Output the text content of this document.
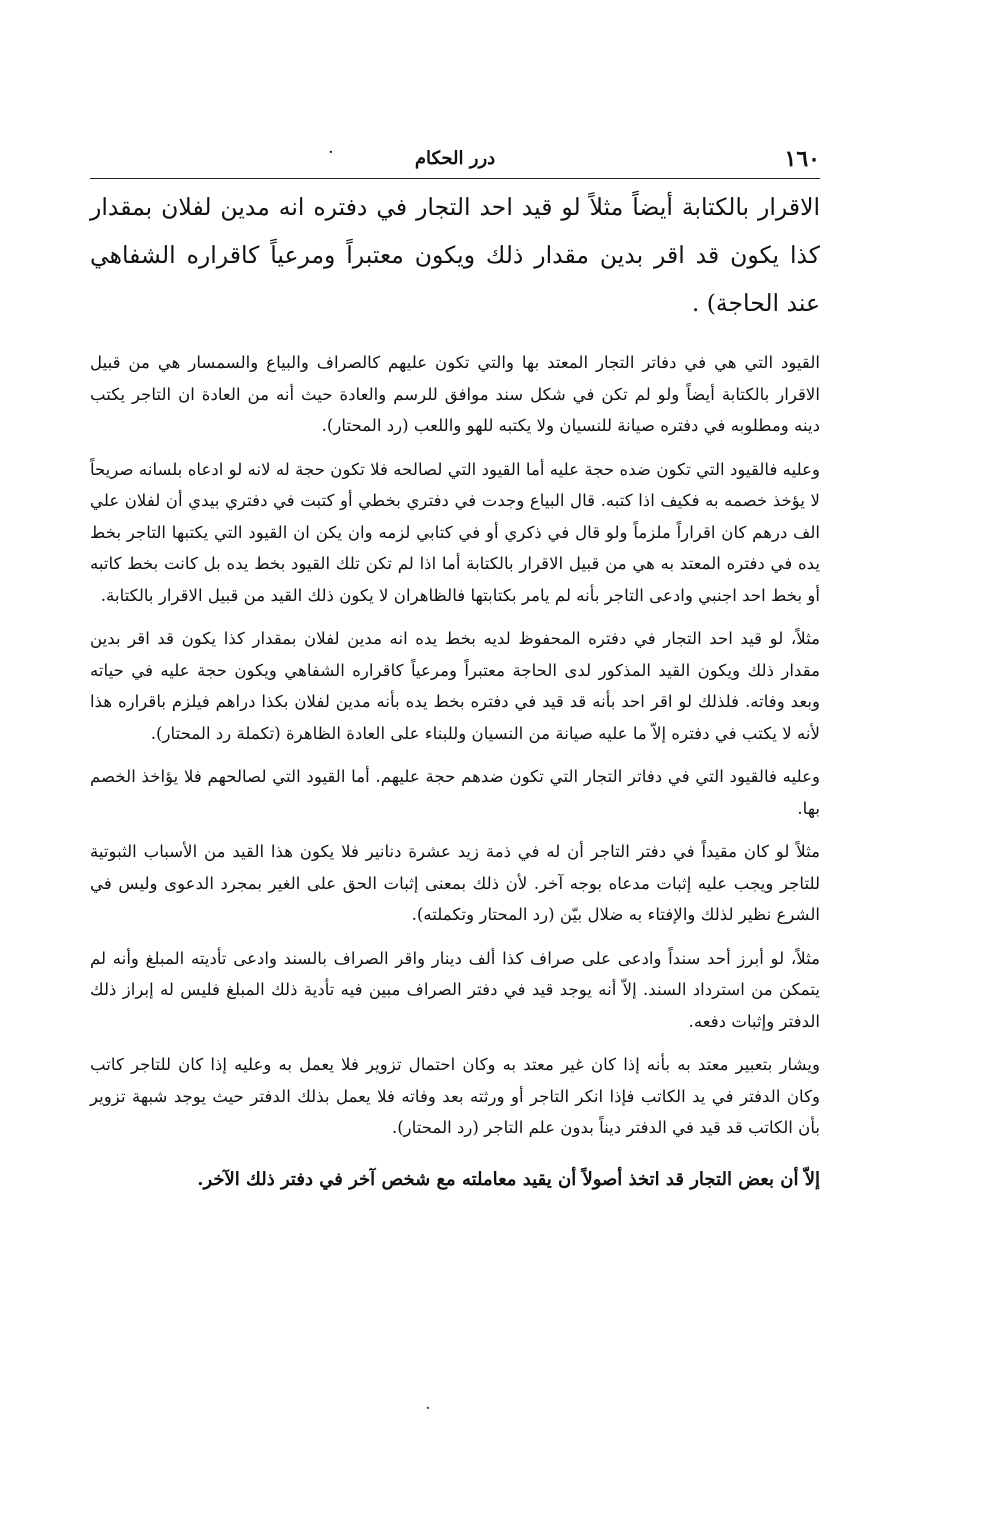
١٦٠
درر الحكام
·

الاقرار بالكتابة أيضاً مثلاً لو قيد احد التجار في دفتره انه مدين لفلان بمقدار كذا يكون قد اقر بدين مقدار ذلك ويكون معتبراً ومرعياً كاقراره الشفاهي عند الحاجة) .

القيود التي هي في دفاتر التجار المعتد بها والتي تكون عليهم كالصراف والبياع والسمسار هي من قبيل الاقرار بالكتابة أيضاً ولو لم تكن في شكل سند موافق للرسم والعادة حيث أنه من العادة ان التاجر يكتب دينه ومطلوبه في دفتره صيانة للنسيان ولا يكتبه للهو واللعب (رد المحتار).

وعليه فالقيود التي تكون ضده حجة عليه أما القيود التي لصالحه فلا تكون حجة له لانه لو ادعاه بلسانه صريحاً لا يؤخذ خصمه به فكيف اذا كتبه. قال البياع وجدت في دفتري بخطي أو كتبت في دفتري بيدي أن لفلان علي الف درهم كان اقراراً ملزماً ولو قال في ذكري أو في كتابي لزمه وان يكن ان القيود التي يكتبها التاجر بخط يده في دفتره المعتد به هي من قبيل الاقرار بالكتابة أما اذا لم تكن تلك القيود بخط يده بل كانت بخط كاتبه أو بخط احد اجنبي وادعى التاجر بأنه لم يامر بكتابتها فالظاهران لا يكون ذلك القيد من قبيل الاقرار بالكتابة.

مثلاً، لو قيد احد التجار في دفتره المحفوظ لديه بخط يده انه مدين لفلان بمقدار كذا يكون قد اقر بدين مقدار ذلك ويكون القيد المذكور لدى الحاجة معتبراً ومرعياً كاقراره الشفاهي ويكون حجة عليه في حياته وبعد وفاته. فلذلك لو اقر احد بأنه قد قيد في دفتره بخط يده بأنه مدين لفلان بكذا دراهم فيلزم باقراره هذا لأنه لا يكتب في دفتره إلاّ ما عليه صيانة من النسيان وللبناء على العادة الظاهرة (تكملة رد المحتار).

وعليه فالقيود التي في دفاتر التجار التي تكون ضدهم حجة عليهم. أما القيود التي لصالحهم فلا يؤاخذ الخصم بها.

مثلاً لو كان مقيداً في دفتر التاجر أن له في ذمة زيد عشرة دنانير فلا يكون هذا القيد من الأسباب الثبوتية للتاجر ويجب عليه إثبات مدعاه بوجه آخر. لأن ذلك بمعنى إثبات الحق على الغير بمجرد الدعوى وليس في الشرع نظير لذلك والإفتاء به ضلال بيّن (رد المحتار وتكملته).

مثلاً، لو أبرز أحد سنداً وادعى على صراف كذا ألف دينار واقر الصراف بالسند وادعى تأديته المبلغ وأنه لم يتمكن من استرداد السند. إلاّ أنه يوجد قيد في دفتر الصراف مبين فيه تأدية ذلك المبلغ فليس له إبراز ذلك الدفتر وإثبات دفعه.

ويشار بتعبير معتد به بأنه إذا كان غير معتد به وكان احتمال تزوير فلا يعمل به وعليه إذا كان للتاجر كاتب وكان الدفتر في يد الكاتب فإذا انكر التاجر أو ورثته بعد وفاته فلا يعمل بذلك الدفتر حيث يوجد شبهة تزوير بأن الكاتب قد قيد في الدفتر ديناً بدون علم التاجر (رد المحتار).

إلاّ أن بعض التجار قد اتخذ أصولاً أن يقيد معاملته مع شخص آخر في دفتر ذلك الآخر.

·
